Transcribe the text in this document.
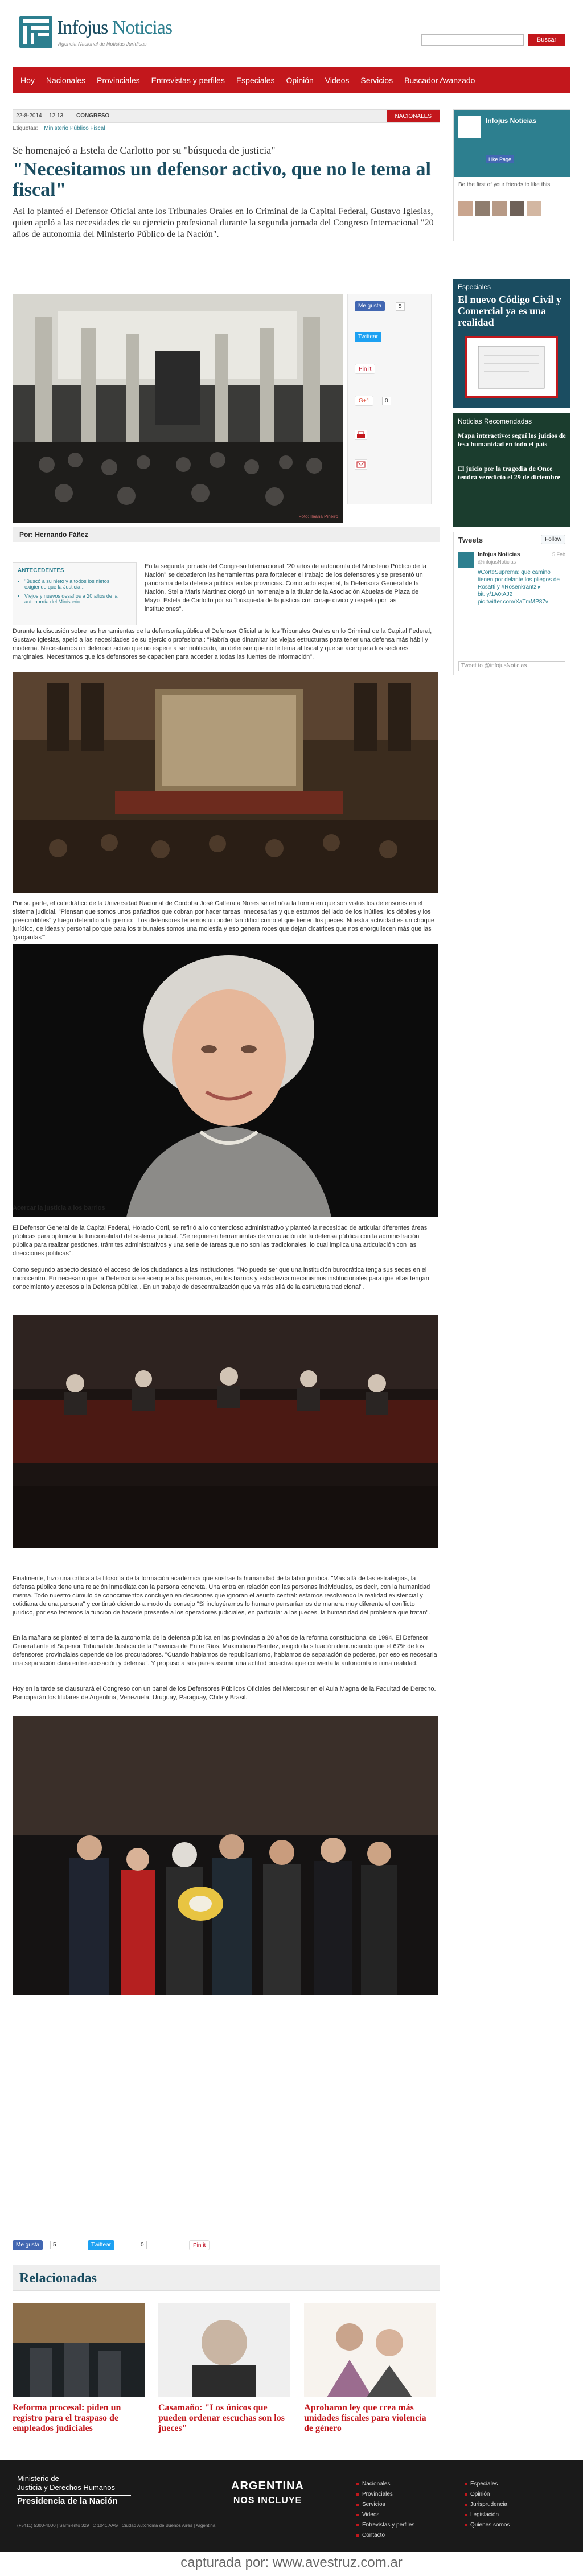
Infojus Noticias
Agencia Nacional de Noticias Jurídicas
Buscar
Hoy	Nacionales	Provinciales	Entrevistas y perfiles	Especiales	Opinión	Videos	Servicios	Buscador Avanzado
22-8-2014 12:13 CONGRESO	NACIONALES
Etiquetas: Ministerio Público Fiscal
Se homenajeó a Estela de Carlotto por su "búsqueda de justicia"
"Necesitamos un defensor activo, que no le tema al fiscal"
Así lo planteó el Defensor Oficial ante los Tribunales Orales en lo Criminal de la Capital Federal, Gustavo Iglesias, quien apeló a las necesidades de su ejercicio profesional durante la segunda jornada del Congreso Internacional "20 años de autonomía del Ministerio Público de la Nación".
Foto: Ileana Piñeiro
Me gusta	5
Twittear
Pin it
G+1	0
Por: Hernando Fáñez
ANTECEDENTES
• "Buscó a su nieto y a todos los nietos exigiendo que la Justicia...
• Viejos y nuevos desafíos a 20 años de la autonomía del Ministerio...
En la segunda jornada del Congreso Internacional "20 años de autonomía del Ministerio Público de la Nación" se debatieron las herramientas para fortalecer el trabajo de los defensores y se presentó un panorama de la defensa pública en las provincias. Como acto especial, la Defensora General de la Nación, Stella Maris Martínez otorgó un homenaje a la titular de la Asociación Abuelas de Plaza de Mayo, Estela de Carlotto por su "búsqueda de la justicia con coraje cívico y respeto por las instituciones".
Durante la discusión sobre las herramientas de la defensoría pública el Defensor Oficial ante los Tribunales Orales en lo Criminal de la Capital Federal, Gustavo Iglesias, apeló a las necesidades de su ejercicio profesional: "Habría que dinamitar las viejas estructuras para tener una defensa más hábil y moderna. Necesitamos un defensor activo que no espere a ser notificado, un defensor que no le tema al fiscal y que se acerque a los sectores marginales. Necesitamos que los defensores se capaciten para acceder a todas las fuentes de información".
Por su parte, el catedrático de la Universidad Nacional de Córdoba José Cafferata Nores se refirió a la forma en que son vistos los defensores en el sistema judicial. "Piensan que somos unos pañaditos que cobran por hacer tareas innecesarias y que estamos del lado de los inútiles, los débiles y los prescindibles" y luego defendió a la gremio: "Los defensores tenemos un poder tan difícil como el que tienen los jueces. Nuestra actividad es un choque jurídico, de ideas y personal porque para los tribunales somos una molestia y eso genera roces que dejan cicatrices que nos enorgullecen más que las 'gargantas'".
Acercar la justicia a los barrios
El Defensor General de la Capital Federal, Horacio Corti, se refirió a lo contencioso administrativo y planteó la necesidad de articular diferentes áreas públicas para optimizar la funcionalidad del sistema judicial. "Se requieren herramientas de vinculación de la defensa pública con la administración pública para realizar gestiones, trámites administrativos y una serie de tareas que no son las tradicionales, lo cual implica una articulación con las direcciones políticas".
Como segundo aspecto destacó el acceso de los ciudadanos a las instituciones. "No puede ser que una institución burocrática tenga sus sedes en el microcentro. En necesario que la Defensoría se acerque a las personas, en los barrios y establezca mecanismos institucionales para que ellas tengan conocimiento y accesos a la Defensa pública". En un trabajo de descentralización que va más allá de la estructura tradicional".
Finalmente, hizo una crítica a la filosofía de la formación académica que sustrae la humanidad de la labor jurídica. "Más allá de las estrategias, la defensa pública tiene una relación inmediata con la persona concreta. Una entra en relación con las personas individuales, es decir, con la humanidad misma. Todo nuestro cúmulo de conocimientos concluyen en decisiones que ignoran el asunto central: estamos resolviendo la realidad existencial y cotidiana de una persona" y continuó diciendo a modo de consejo "Si incluyéramos lo humano pensaríamos de manera muy diferente el conflicto jurídico, por eso tenemos la función de hacerle presente a los operadores judiciales, en particular a los jueces, la humanidad del problema que tratan".
En la mañana se planteó el tema de la autonomía de la defensa pública en las provincias a 20 años de la reforma constitucional de 1994. El Defensor General ante el Superior Tribunal de Justicia de la Provincia de Entre Ríos, Maximiliano Benítez, exigido la situación denunciando que el 67% de los defensores provinciales depende de los procuradores. "Cuando hablamos de republicanismo, hablamos de separación de poderes, por eso es necesaria una separación clara entre acusación y defensa". Y propuso a sus pares asumir una actitud proactiva que convierta la autonomía en una realidad.
Hoy en la tarde se clausurará el Congreso con un panel de los Defensores Públicos Oficiales del Mercosur en el Aula Magna de la Facultad de Derecho. Participarán los titulares de Argentina, Venezuela, Uruguay, Paraguay, Chile y Brasil.
Me gusta	5	Twittear	0	Pin it
Relacionadas
Reforma procesal: piden un registro para el traspaso de empleados judiciales
Casamaño: "Los únicos que pueden ordenar escuchas son los jueces"
Aprobaron ley que crea más unidades fiscales para violencia de género
Infojus Noticias
Like Page
Be the first of your friends to like this
Especiales
El nuevo Código Civil y Comercial ya es una realidad
Noticias Recomendadas
Mapa interactivo: seguí los juicios de lesa humanidad en todo el país
El juicio por la tragedia de Once tendrá veredicto el 29 de diciembre
Tweets	Follow
Infojus Noticias	5 Feb
@infojusNoticias
#CorteSuprema: que camino tienen por delante los pliegos de Rosatti y #Rosenkrantz ▸ bit.ly/1A0tAJ2 pic.twitter.com/XaTmMP87v
Tweet to @infojusNoticias
Ministerio de
Justicia y Derechos Humanos
Presidencia de la Nación
(+5411) 5300-4000 | Sarmiento 329 | C 1041 AAG | Ciudad Autónoma de Buenos Aires | Argentina
ARGENTINA
NOS INCLUYE
Nacionales
Provinciales
Servicios
Videos
Entrevistas y perfiles
Contacto
Especiales
Opinión
Jurisprudencia
Legislación
Quienes somos
capturada por: www.avestruz.com.ar
